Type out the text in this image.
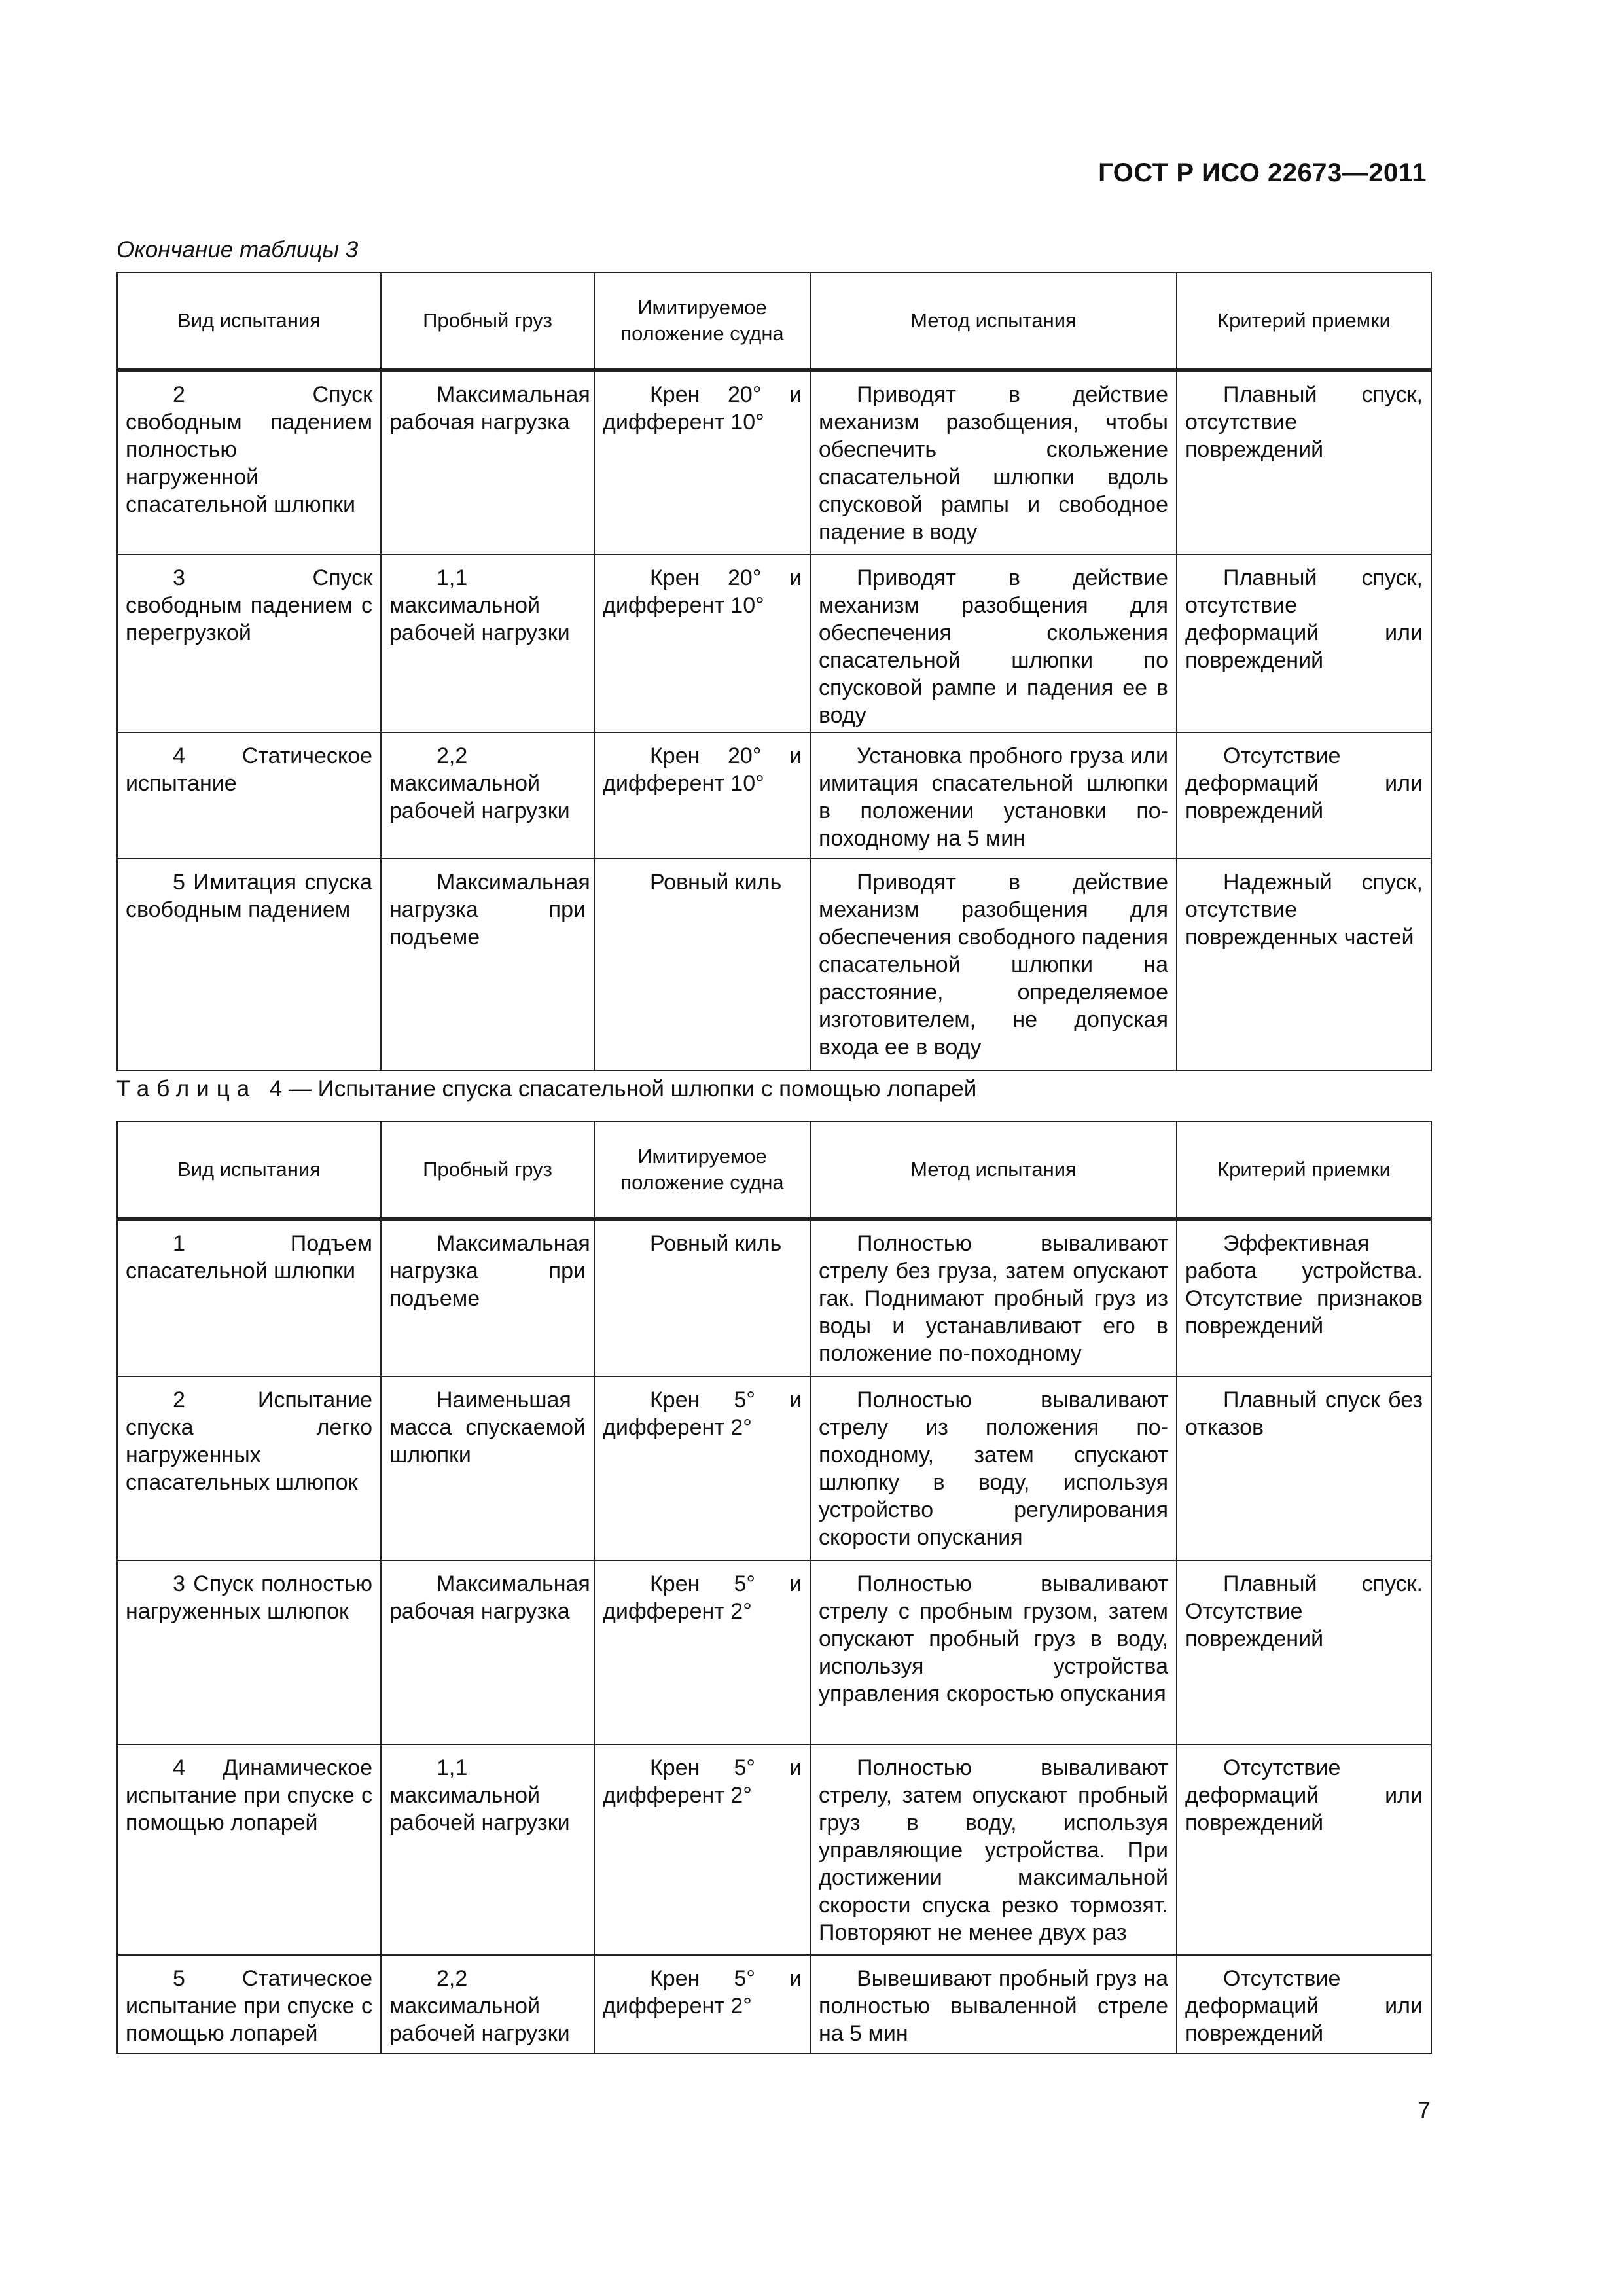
ГОСТ Р ИСО 22673—2011
Окончание таблицы 3
Вид испытания	Пробный груз	Имитируемое положение судна	Метод испытания	Критерий приемки
2 Спуск свободным падением полностью нагруженной спасательной шлюпки	Максимальная рабочая нагрузка	Крен 20° и дифферент 10°	Приводят в действие механизм разобщения, чтобы обеспечить скольжение спасательной шлюпки вдоль спусковой рампы и свободное падение в воду	Плавный спуск, отсутствие повреждений
3 Спуск свободным падением с перегрузкой	1,1 максимальной рабочей нагрузки	Крен 20° и дифферент 10°	Приводят в действие механизм разобщения для обеспечения скольжения спасательной шлюпки по спусковой рампе и падения ее в воду	Плавный спуск, отсутствие деформаций или повреждений
4 Статическое испытание	2,2 максимальной рабочей нагрузки	Крен 20° и дифферент 10°	Установка пробного груза или имитация спасательной шлюпки в положении установки по-походному на 5 мин	Отсутствие деформаций или повреждений
5 Имитация спуска свободным падением	Максимальная нагрузка при подъеме	Ровный киль	Приводят в действие механизм разобщения для обеспечения свободного падения спасательной шлюпки на расстояние, определяемое изготовителем, не допуская входа ее в воду	Надежный спуск, отсутствие поврежденных частей
Таблица 4 — Испытание спуска спасательной шлюпки с помощью лопарей
Вид испытания	Пробный груз	Имитируемое положение судна	Метод испытания	Критерий приемки
1 Подъем спасательной шлюпки	Максимальная нагрузка при подъеме	Ровный киль	Полностью вываливают стрелу без груза, затем опускают гак. Поднимают пробный груз из воды и устанавливают его в положение по-походному	Эффективная работа устройства. Отсутствие признаков повреждений
2 Испытание спуска легко нагруженных спасательных шлюпок	Наименьшая масса спускаемой шлюпки	Крен 5° и дифферент 2°	Полностью вываливают стрелу из положения по-походному, затем спускают шлюпку в воду, используя устройство регулирования скорости опускания	Плавный спуск без отказов
3 Спуск полностью нагруженных шлюпок	Максимальная рабочая нагрузка	Крен 5° и дифферент 2°	Полностью вываливают стрелу с пробным грузом, затем опускают пробный груз в воду, используя устройства управления скоростью опускания	Плавный спуск. Отсутствие повреждений
4 Динамическое испытание при спуске с помощью лопарей	1,1 максимальной рабочей нагрузки	Крен 5° и дифферент 2°	Полностью вываливают стрелу, затем опускают пробный груз в воду, используя управляющие устройства. При достижении максимальной скорости спуска резко тормозят. Повторяют не менее двух раз	Отсутствие деформаций или повреждений
5 Статическое испытание при спуске с помощью лопарей	2,2 максимальной рабочей нагрузки	Крен 5° и дифферент 2°	Вывешивают пробный груз на полностью вываленной стреле на 5 мин	Отсутствие деформаций или повреждений
7
